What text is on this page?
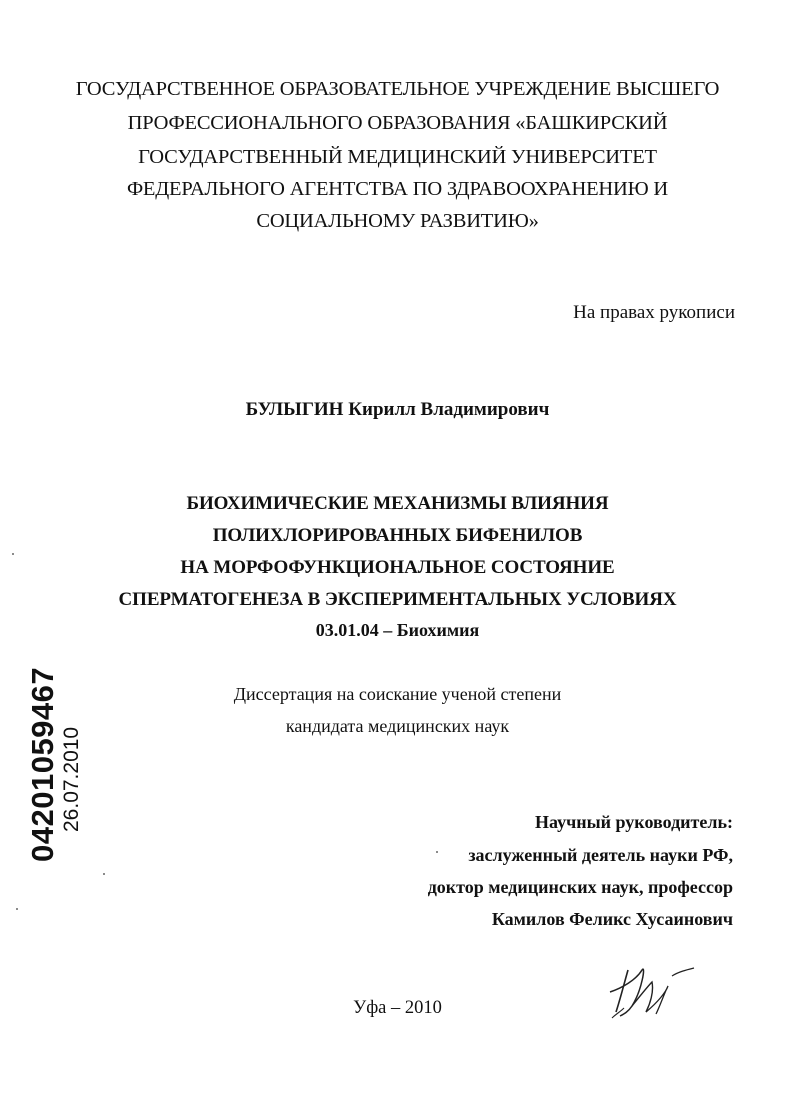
ГОСУДАРСТВЕННОЕ ОБРАЗОВАТЕЛЬНОЕ УЧРЕЖДЕНИЕ ВЫСШЕГО
ПРОФЕССИОНАЛЬНОГО ОБРАЗОВАНИЯ «БАШКИРСКИЙ
ГОСУДАРСТВЕННЫЙ МЕДИЦИНСКИЙ УНИВЕРСИТЕТ
ФЕДЕРАЛЬНОГО АГЕНТСТВА ПО ЗДРАВООХРАНЕНИЮ И
СОЦИАЛЬНОМУ РАЗВИТИЮ»
На правах рукописи
БУЛЫГИН Кирилл Владимирович
БИОХИМИЧЕСКИЕ МЕХАНИЗМЫ ВЛИЯНИЯ
ПОЛИХЛОРИРОВАННЫХ БИФЕНИЛОВ
НА МОРФОФУНКЦИОНАЛЬНОЕ СОСТОЯНИЕ
СПЕРМАТОГЕНЕЗА В ЭКСПЕРИМЕНТАЛЬНЫХ УСЛОВИЯХ
03.01.04 – Биохимия
Диссертация на соискание ученой степени
кандидата медицинских наук
Научный руководитель:
заслуженный деятель науки РФ,
доктор медицинских наук, профессор
Камилов Феликс Хусаинович
Уфа – 2010
04201059467 26.07.2010
